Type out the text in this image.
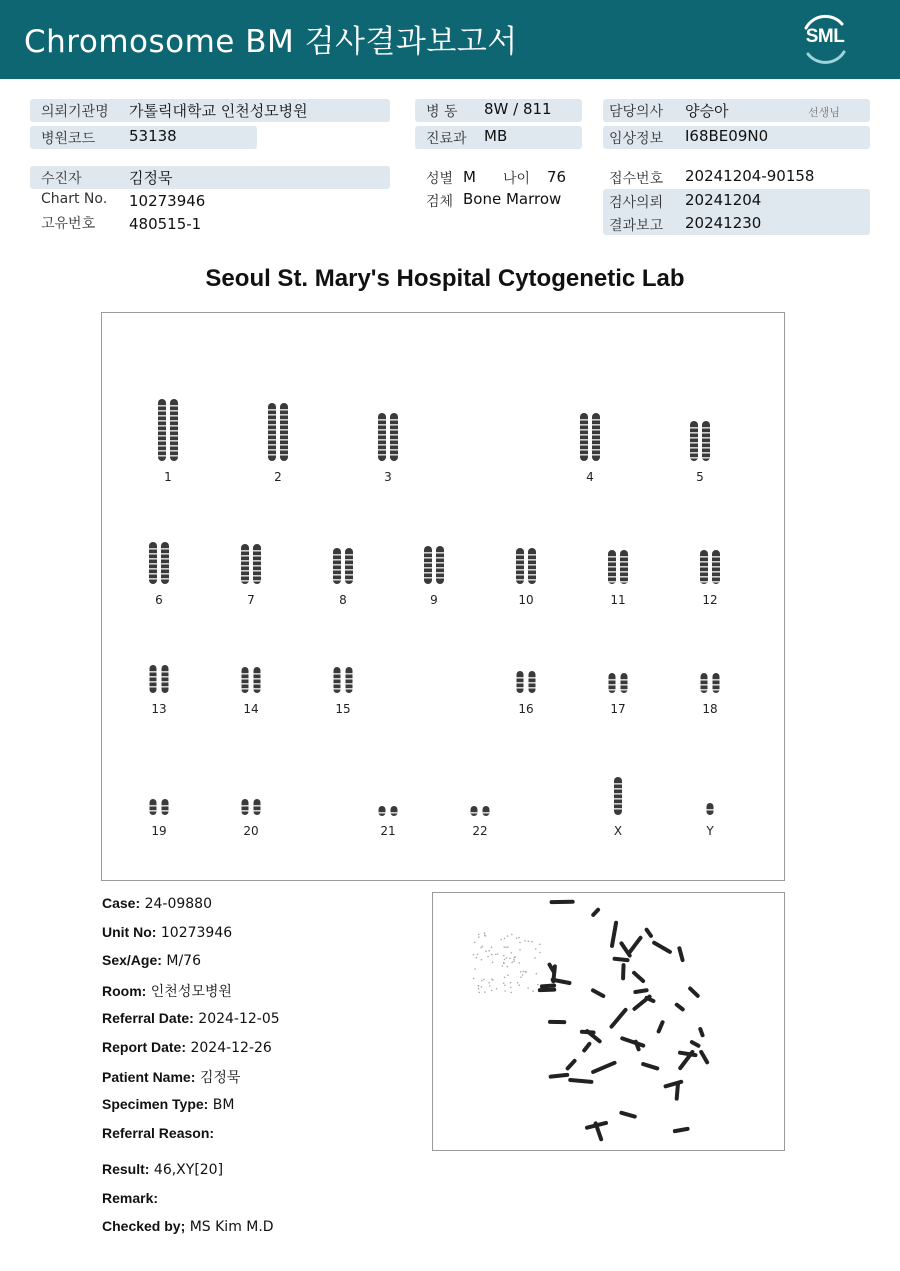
Chromosome BM 검사결과보고서	SML
의뢰기관명 가톨릭대학교 인천성모병원
병원코드 53138
병 동 8W / 811
진료과 MB
담당의사 양승아	선생님
임상정보 I68BE09N0
수진자	김정묵
Chart No. 10273946
고유번호 480515-1
성별 M 나이 76
검체 Bone Marrow
접수번호 20241204-90158
검사의뢰 20241204
결과보고 20241230
Seoul St. Mary's Hospital Cytogenetic Lab
1	2	3	4	5
6	7	8	9	10	11	12
13	14	15	16	17	18
19	20	21	22	X	Y
Case: 24-09880
Unit No: 10273946
Sex/Age: M/76
Room: 인천성모병원
Referral Date: 2024-12-05
Report Date: 2024-12-26
Patient Name: 김정묵
Specimen Type: BM
Referral Reason:
Result: 46,XY[20]
Remark:
Checked by; MS Kim M.D
